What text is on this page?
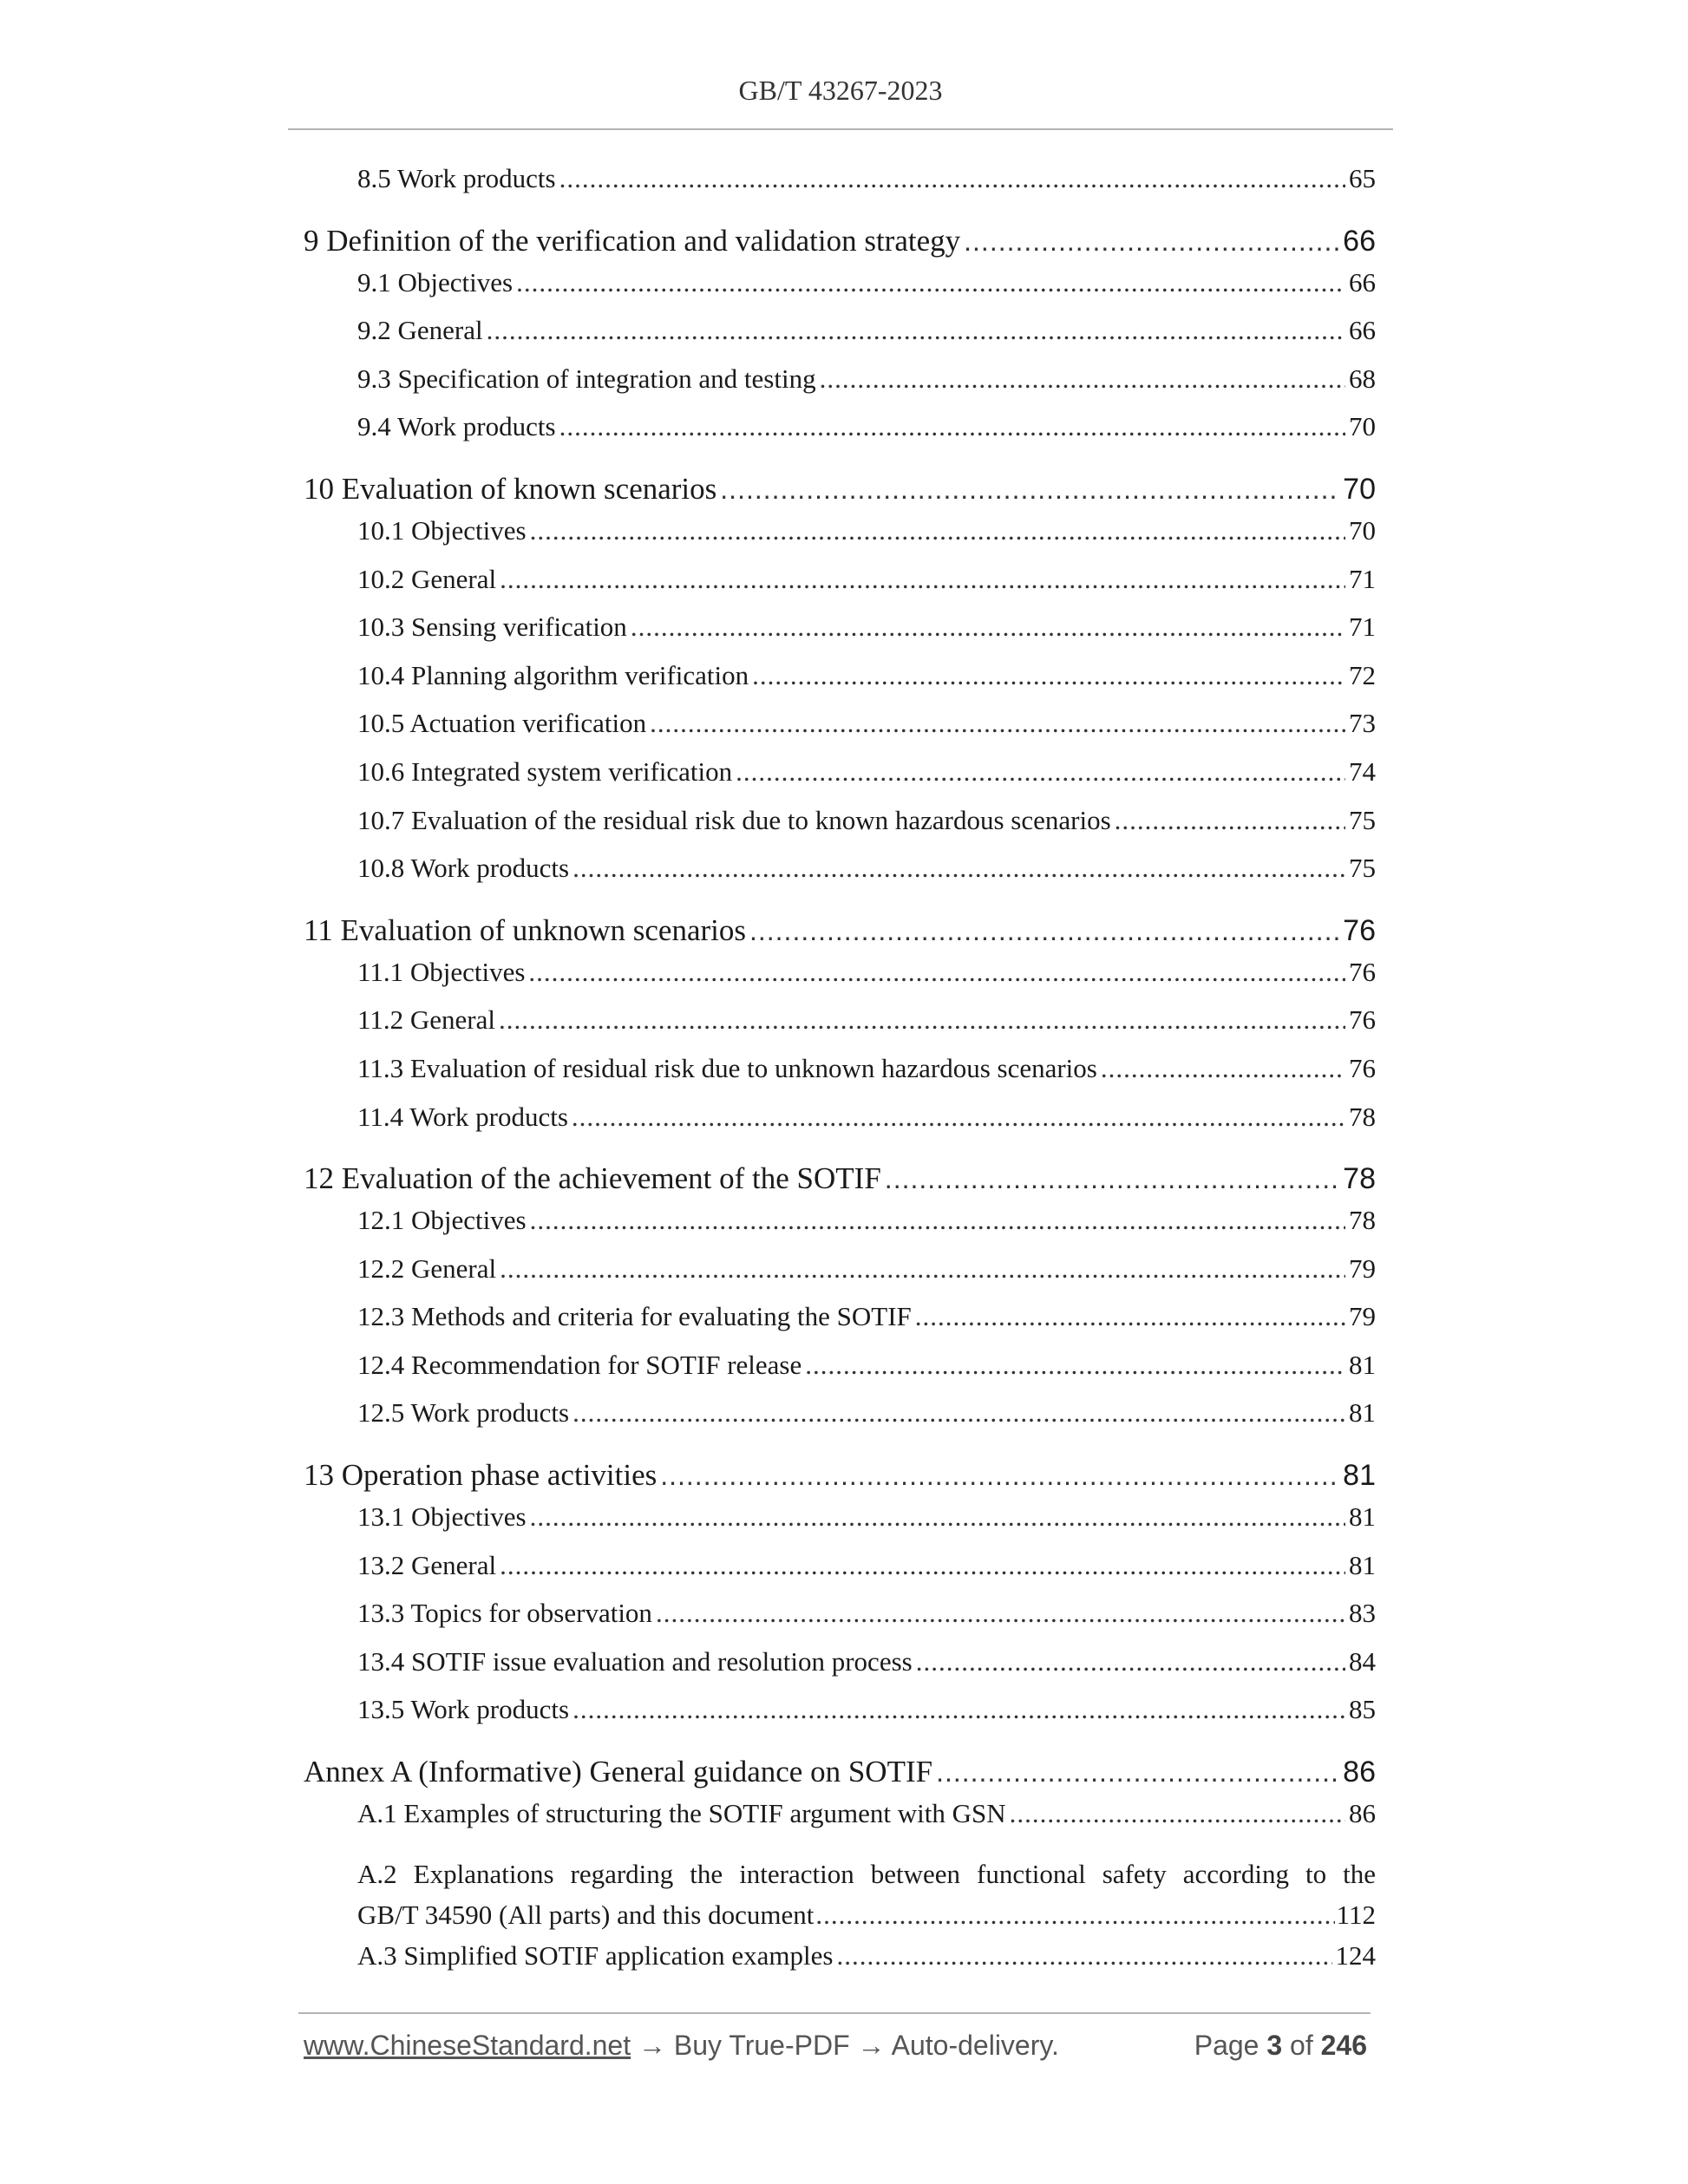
GB/T 43267-2023
8.5 Work products .....	65
9 Definition of the verification and validation strategy .....	66
9.1 Objectives .....	66
9.2 General .....	66
9.3 Specification of integration and testing .....	68
9.4 Work products .....	70
10 Evaluation of known scenarios .....	70
10.1 Objectives .....	70
10.2 General .....	71
10.3 Sensing verification .....	71
10.4 Planning algorithm verification .....	72
10.5 Actuation verification .....	73
10.6 Integrated system verification .....	74
10.7 Evaluation of the residual risk due to known hazardous scenarios .....	75
10.8 Work products .....	75
11 Evaluation of unknown scenarios .....	76
11.1 Objectives .....	76
11.2 General .....	76
11.3 Evaluation of residual risk due to unknown hazardous scenarios .....	76
11.4 Work products .....	78
12 Evaluation of the achievement of the SOTIF .....	78
12.1 Objectives .....	78
12.2 General .....	79
12.3 Methods and criteria for evaluating the SOTIF .....	79
12.4 Recommendation for SOTIF release .....	81
12.5 Work products .....	81
13 Operation phase activities .....	81
13.1 Objectives .....	81
13.2 General .....	81
13.3 Topics for observation .....	83
13.4 SOTIF issue evaluation and resolution process .....	84
13.5 Work products .....	85
Annex A (Informative) General guidance on SOTIF .....	86
A.1 Examples of structuring the SOTIF argument with GSN .....	86
A.2 Explanations regarding the interaction between functional safety according to the
GB/T 34590 (All parts) and this document .....	112
A.3 Simplified SOTIF application examples .....	124
www.ChineseStandard.net → Buy True-PDF → Auto-delivery.	Page 3 of 246
